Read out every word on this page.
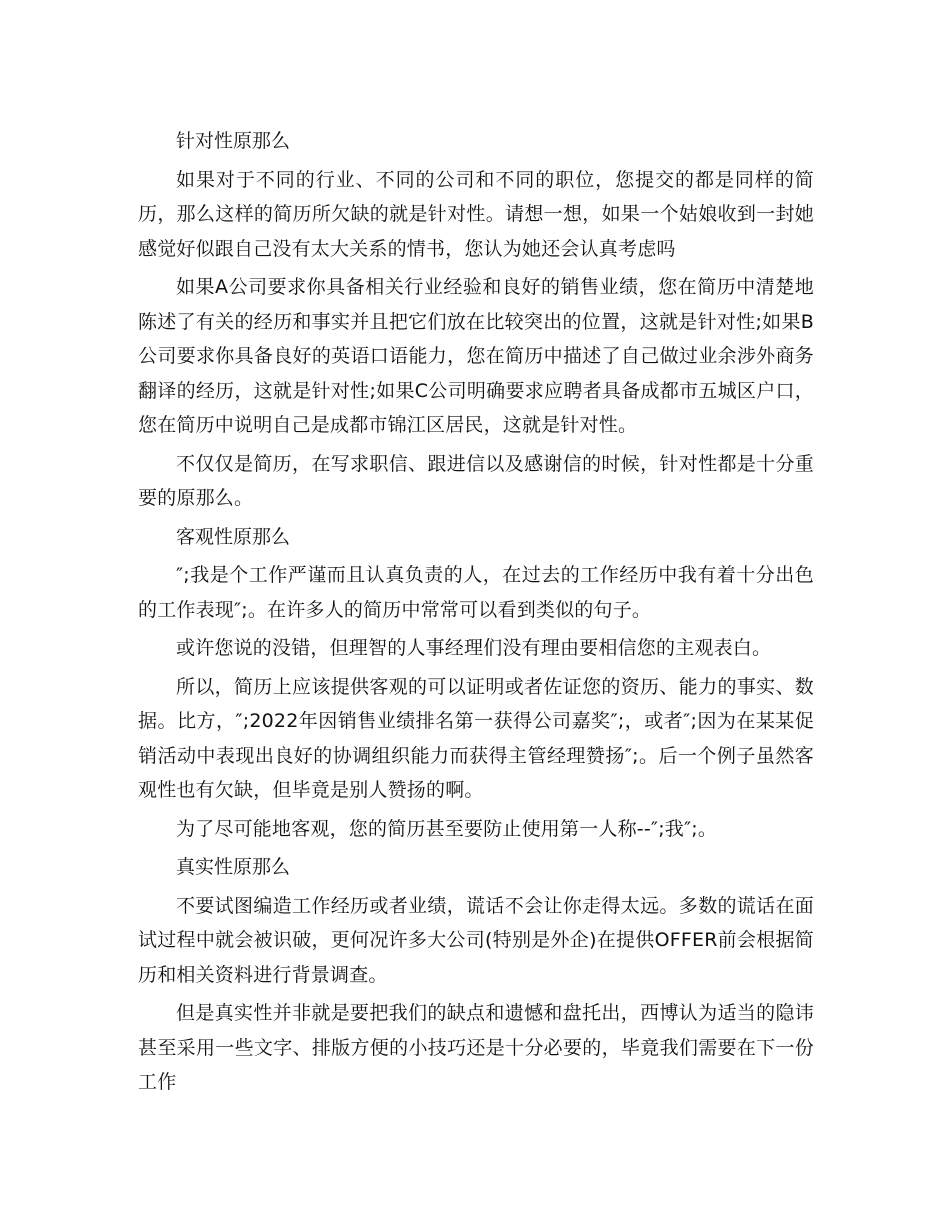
针对性原那么

如果对于不同的行业、不同的公司和不同的职位，您提交的都是同样的简历，那么这样的简历所欠缺的就是针对性。请想一想，如果一个姑娘收到一封她感觉好似跟自己没有太大关系的情书，您认为她还会认真考虑吗

如果A公司要求你具备相关行业经验和良好的销售业绩，您在简历中清楚地陈述了有关的经历和事实并且把它们放在比较突出的位置，这就是针对性;如果B公司要求你具备良好的英语口语能力，您在简历中描述了自己做过业余涉外商务翻译的经历，这就是针对性;如果C公司明确要求应聘者具备成都市五城区户口，您在简历中说明自己是成都市锦江区居民，这就是针对性。

不仅仅是简历，在写求职信、跟进信以及感谢信的时候，针对性都是十分重要的原那么。

客观性原那么

″;我是个工作严谨而且认真负责的人，在过去的工作经历中我有着十分出色的工作表现″;。在许多人的简历中常常可以看到类似的句子。

或许您说的没错，但理智的人事经理们没有理由要相信您的主观表白。

所以，简历上应该提供客观的可以证明或者佐证您的资历、能力的事实、数据。比方，″;2022年因销售业绩排名第一获得公司嘉奖″;，或者″;因为在某某促销活动中表现出良好的协调组织能力而获得主管经理赞扬″;。后一个例子虽然客观性也有欠缺，但毕竟是别人赞扬的啊。

为了尽可能地客观，您的简历甚至要防止使用第一人称--″;我″;。

真实性原那么

不要试图编造工作经历或者业绩，谎话不会让你走得太远。多数的谎话在面试过程中就会被识破，更何况许多大公司(特别是外企)在提供OFFER前会根据简历和相关资料进行背景调查。

但是真实性并非就是要把我们的缺点和遗憾和盘托出，西博认为适当的隐讳甚至采用一些文字、排版方便的小技巧还是十分必要的，毕竟我们需要在下一份工作
